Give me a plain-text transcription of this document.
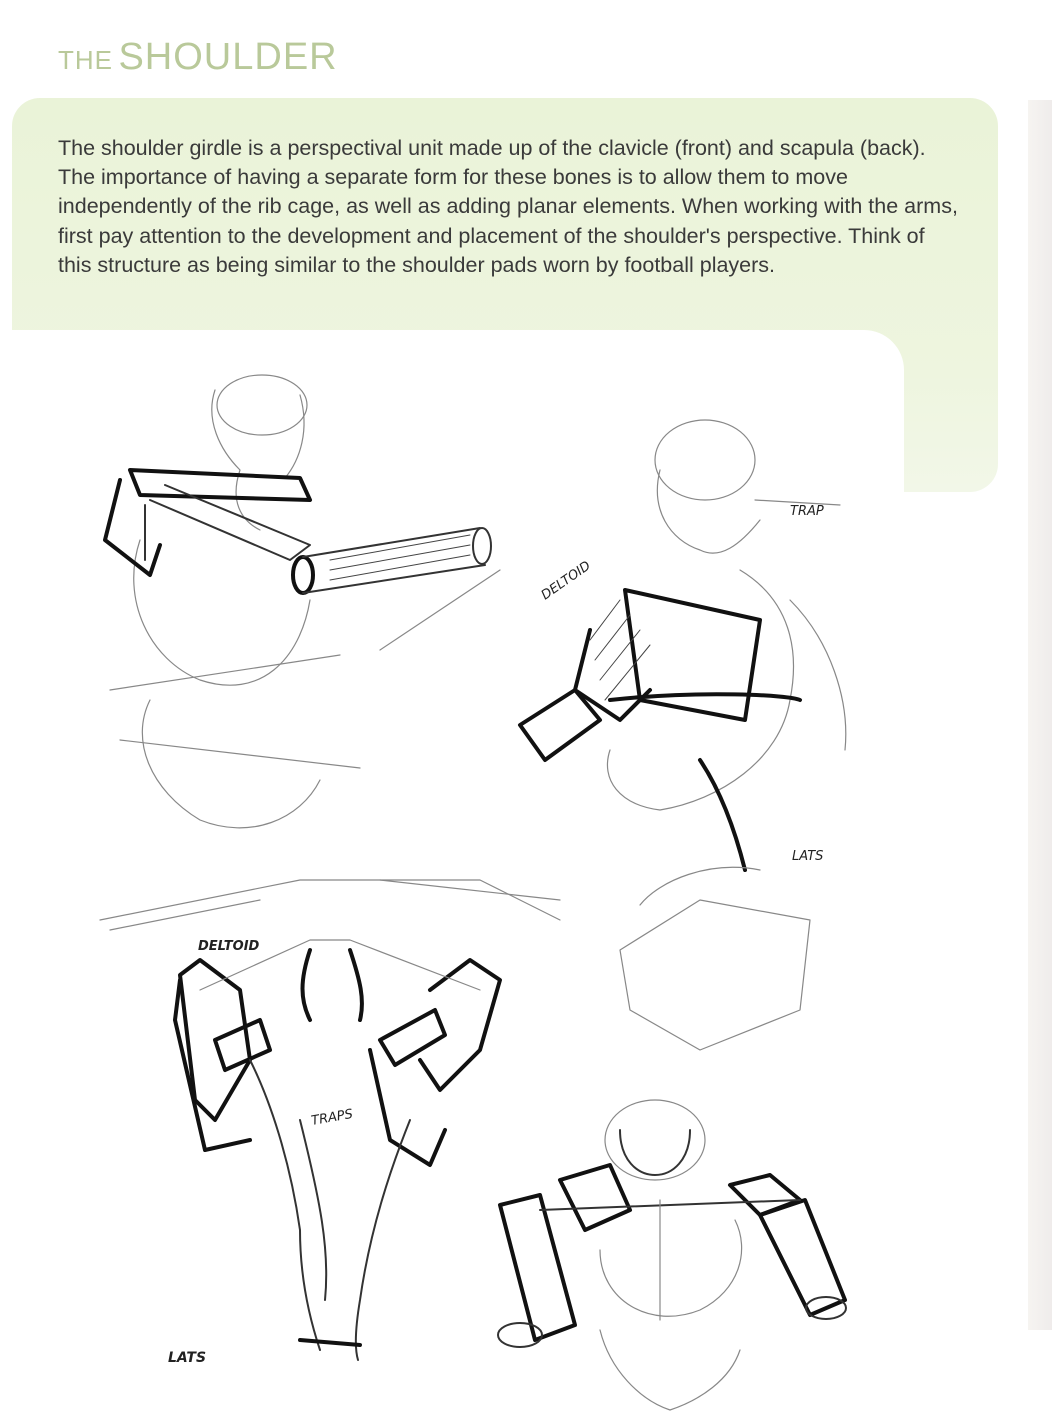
THE SHOULDER

The shoulder girdle is a perspectival unit made up of the clavicle (front) and scapula (back). The importance of having a separate form for these bones is to allow them to move independently of the rib cage, as well as adding planar elements. When working with the arms, first pay attention to the development and placement of the shoulder's perspective. Think of this structure as being similar to the shoulder pads worn by football players.

DELTOID
TRAP
LATS
DELTOID
TRAPS
LATS
